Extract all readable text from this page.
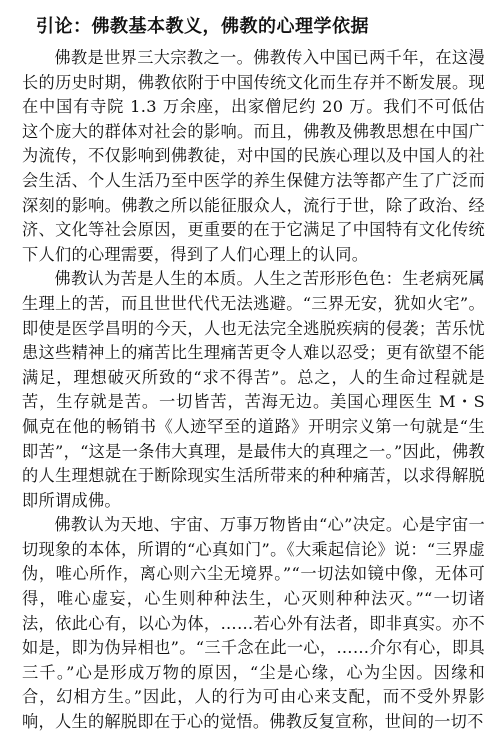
引论：佛教基本教义，佛教的心理学依据

佛教是世界三大宗教之一。佛教传入中国已两千年，在这漫长的历史时期，佛教依附于中国传统文化而生存并不断发展。现在中国有寺院 1.3 万余座，出家僧尼约 20 万。我们不可低估这个庞大的群体对社会的影响。而且，佛教及佛教思想在中国广为流传，不仅影响到佛教徒，对中国的民族心理以及中国人的社会生活、个人生活乃至中医学的养生保健方法等都产生了广泛而深刻的影响。佛教之所以能征服众人，流行于世，除了政治、经济、文化等社会原因，更重要的在于它满足了中国特有文化传统下人们的心理需要，得到了人们心理上的认同。

佛教认为苦是人生的本质。人生之苦形形色色：生老病死属生理上的苦，而且世世代代无法逃避。“三界无安，犹如火宅”。即使是医学昌明的今天，人也无法完全逃脱疾病的侵袭；苦乐忧患这些精神上的痛苦比生理痛苦更令人难以忍受；更有欲望不能满足，理想破灭所致的“求不得苦”。总之，人的生命过程就是苦，生存就是苦。一切皆苦，苦海无边。美国心理医生 M・S 佩克在他的畅销书《人迹罕至的道路》开明宗义第一句就是“生即苦”，“这是一条伟大真理，是最伟大的真理之一。”因此，佛教的人生理想就在于断除现实生活所带来的种种痛苦，以求得解脱即所谓成佛。

佛教认为天地、宇宙、万事万物皆由“心”决定。心是宇宙一切现象的本体，所谓的“心真如门”。《大乘起信论》说：“三界虚伪，唯心所作，离心则六尘无境界。”“一切法如镜中像，无体可得，唯心虚妄，心生则种种法生，心灭则种种法灭。”“一切诸法，依此心有，以心为体，……若心外有法者，即非真实。亦不如是，即为伪异相也”。“三千念在此一心，……介尔有心，即具三千。”心是形成万物的原因，“尘是心缘，心为尘因。因缘和合，幻相方生。”因此，人的行为可由心来支配，而不受外界影响，人生的解脱即在于心的觉悟。佛教反复宣称，世间的一切不
